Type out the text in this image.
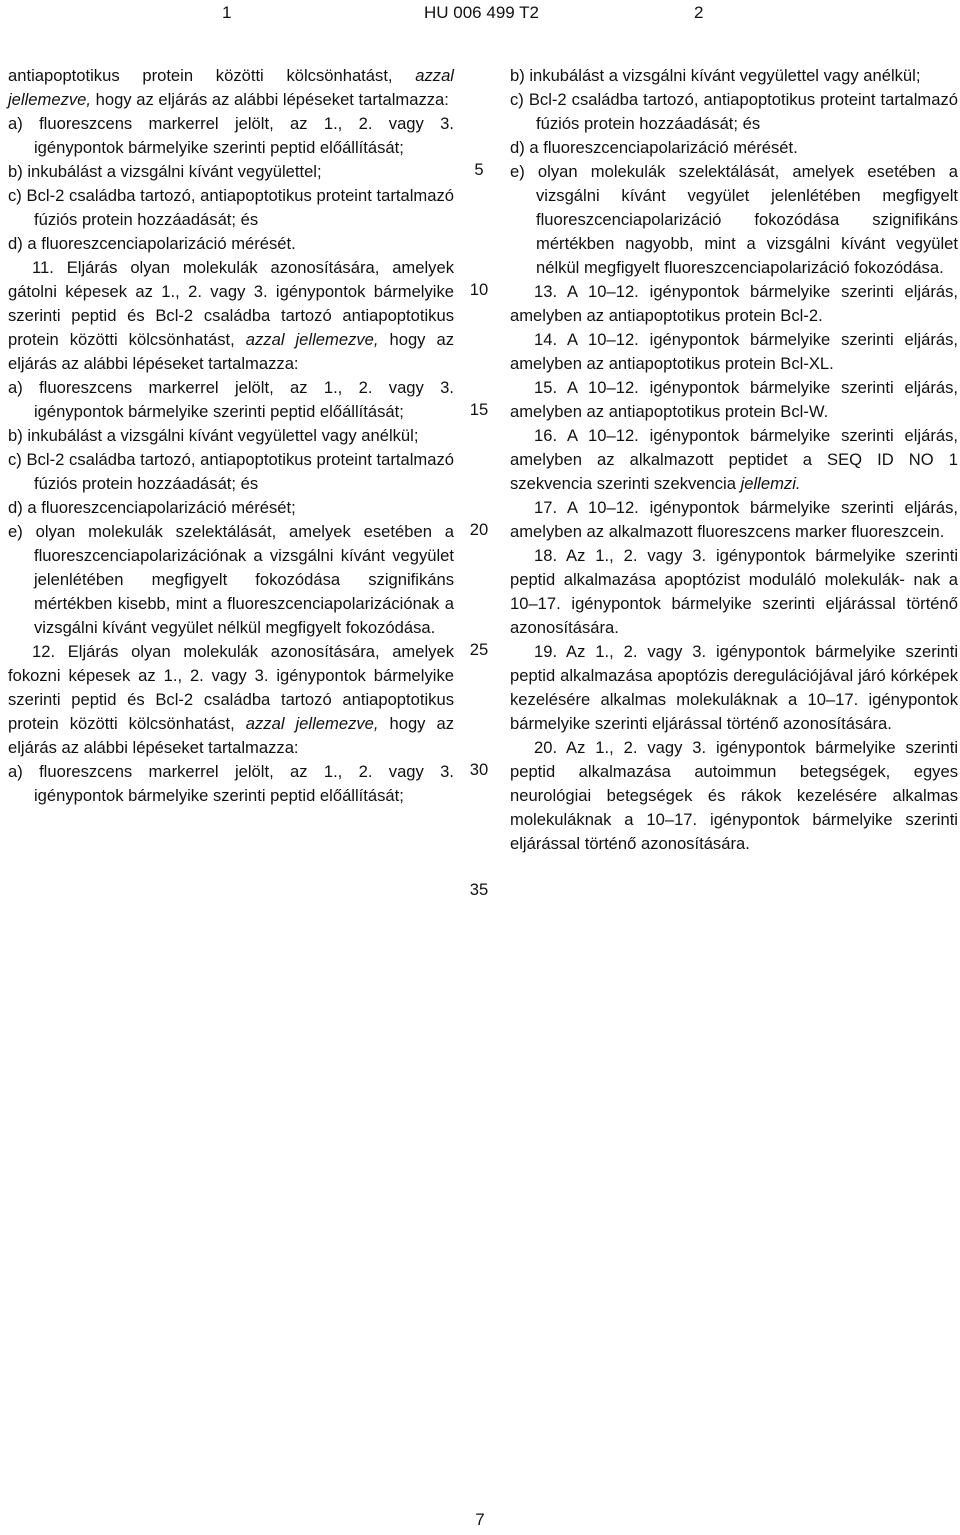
1	HU 006 499 T2	2

antiapoptotikus protein közötti kölcsönhatást, azzal jellemezve, hogy az eljárás az alábbi lépéseket tartalmazza:

a) fluoreszcens markerrel jelölt, az 1., 2. vagy 3. igénypontok bármelyike szerinti peptid előállítását;

b) inkubálást a vizsgálni kívánt vegyülettel;

c) Bcl-2 családba tartozó, antiapoptotikus proteint tartalmazó fúziós protein hozzáadását; és

d) a fluoreszcenciapolarizáció mérését.

11. Eljárás olyan molekulák azonosítására, amelyek gátolni képesek az 1., 2. vagy 3. igénypontok bármelyike szerinti peptid és Bcl-2 családba tartozó antiapoptotikus protein közötti kölcsönhatást, azzal jellemezve, hogy az eljárás az alábbi lépéseket tartalmazza:

a) fluoreszcens markerrel jelölt, az 1., 2. vagy 3. igénypontok bármelyike szerinti peptid előállítását;

b) inkubálást a vizsgálni kívánt vegyülettel vagy anélkül;

c) Bcl-2 családba tartozó, antiapoptotikus proteint tartalmazó fúziós protein hozzáadását; és

d) a fluoreszcenciapolarizáció mérését;

e) olyan molekulák szelektálását, amelyek esetében a fluoreszcenciapolarizációnak a vizsgálni kívánt vegyület jelenlétében megfigyelt fokozódása szignifikáns mértékben kisebb, mint a fluoreszcenciapolarizációnak a vizsgálni kívánt vegyület nélkül megfigyelt fokozódása.

12. Eljárás olyan molekulák azonosítására, amelyek fokozni képesek az 1., 2. vagy 3. igénypontok bármelyike szerinti peptid és Bcl-2 családba tartozó antiapoptotikus protein közötti kölcsönhatást, azzal jellemezve, hogy az eljárás az alábbi lépéseket tartalmazza:

a) fluoreszcens markerrel jelölt, az 1., 2. vagy 3. igénypontok bármelyike szerinti peptid előállítását;

5
10
15
20
25
30
35

b) inkubálást a vizsgálni kívánt vegyülettel vagy anélkül;

c) Bcl-2 családba tartozó, antiapoptotikus proteint tartalmazó fúziós protein hozzáadását; és

d) a fluoreszcenciapolarizáció mérését.

e) olyan molekulák szelektálását, amelyek esetében a vizsgálni kívánt vegyület jelenlétében megfigyelt fluoreszcenciapolarizáció fokozódása szignifikáns mértékben nagyobb, mint a vizsgálni kívánt vegyület nélkül megfigyelt fluoreszcenciapolarizáció fokozódása.

13. A 10–12. igénypontok bármelyike szerinti eljárás, amelyben az antiapoptotikus protein Bcl-2.

14. A 10–12. igénypontok bármelyike szerinti eljárás, amelyben az antiapoptotikus protein Bcl-XL.

15. A 10–12. igénypontok bármelyike szerinti eljárás, amelyben az antiapoptotikus protein Bcl-W.

16. A 10–12. igénypontok bármelyike szerinti eljárás, amelyben az alkalmazott peptidet a SEQ ID NO 1 szekvencia szerinti szekvencia jellemzi.

17. A 10–12. igénypontok bármelyike szerinti eljárás, amelyben az alkalmazott fluoreszcens marker fluoreszcein.

18. Az 1., 2. vagy 3. igénypontok bármelyike szerinti peptid alkalmazása apoptózist moduláló molekulák- nak a 10–17. igénypontok bármelyike szerinti eljárással történő azonosítására.

19. Az 1., 2. vagy 3. igénypontok bármelyike szerinti peptid alkalmazása apoptózis deregulációjával járó kórképek kezelésére alkalmas molekuláknak a 10–17. igénypontok bármelyike szerinti eljárással történő azonosítására.

20. Az 1., 2. vagy 3. igénypontok bármelyike szerinti peptid alkalmazása autoimmun betegségek, egyes neurológiai betegségek és rákok kezelésére alkalmas molekuláknak a 10–17. igénypontok bármelyike szerinti eljárással történő azonosítására.

7
